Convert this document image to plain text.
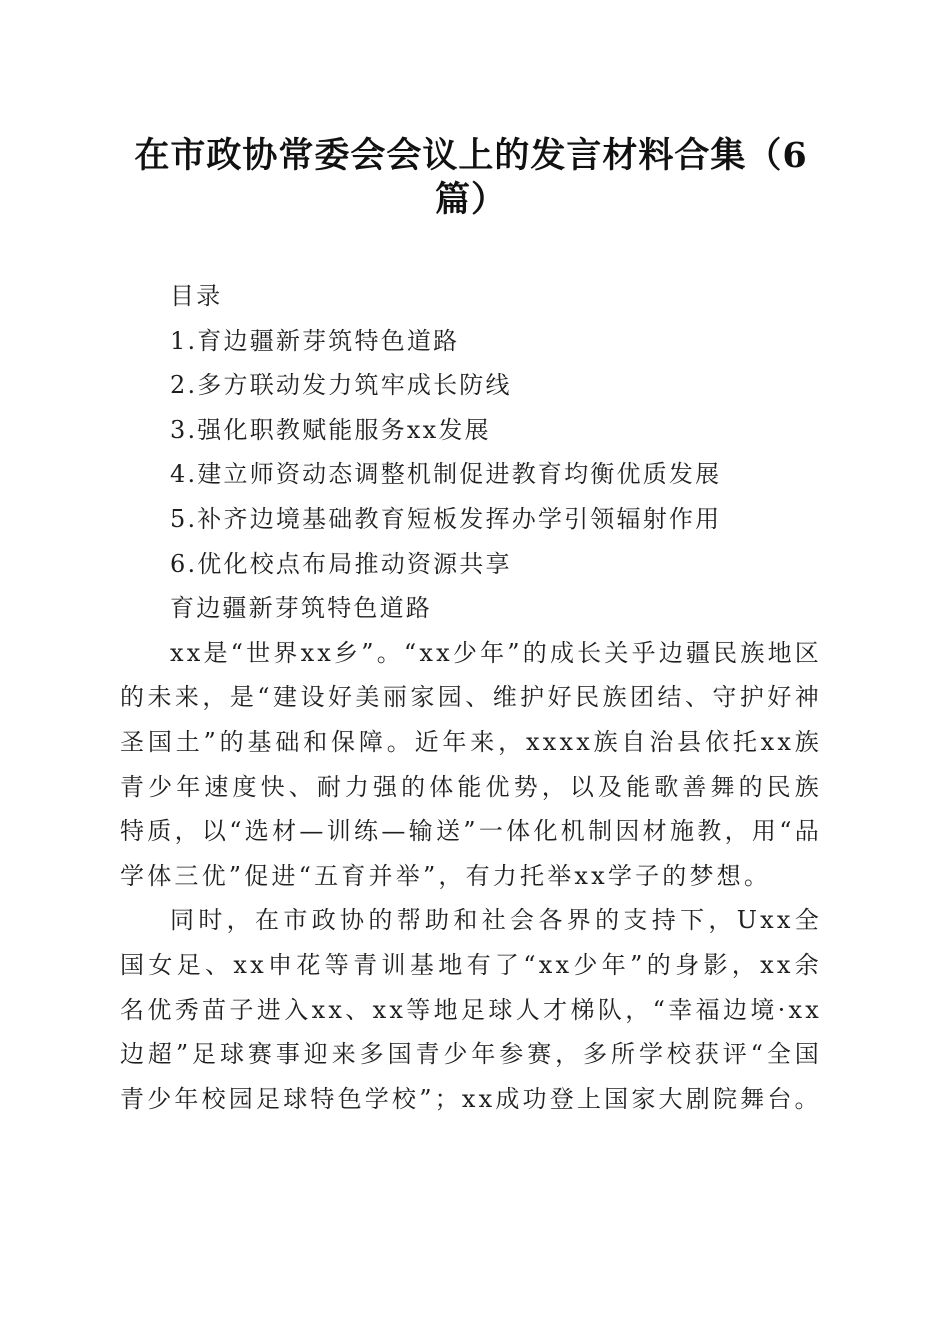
在市政协常委会会议上的发言材料合集（6篇）
目录
1.育边疆新芽筑特色道路
2.多方联动发力筑牢成长防线
3.强化职教赋能服务xx发展
4.建立师资动态调整机制促进教育均衡优质发展
5.补齐边境基础教育短板发挥办学引领辐射作用
6.优化校点布局推动资源共享
育边疆新芽筑特色道路

xx是“世界xx乡”。“xx少年”的成长关乎边疆民族地区的未来，是“建设好美丽家园、维护好民族团结、守护好神圣国土”的基础和保障。近年来，xxxx族自治县依托xx族青少年速度快、耐力强的体能优势，以及能歌善舞的民族特质，以“选材—训练—输送”一体化机制因材施教，用“品学体三优”促进“五育并举”，有力托举xx学子的梦想。

同时，在市政协的帮助和社会各界的支持下，Uxx全国女足、xx申花等青训基地有了“xx少年”的身影，xx余名优秀苗子进入xx、xx等地足球人才梯队，“幸福边境·xx边超”足球赛事迎来多国青少年参赛，多所学校获评“全国青少年校园足球特色学校”；xx成功登上国家大剧院舞台。
